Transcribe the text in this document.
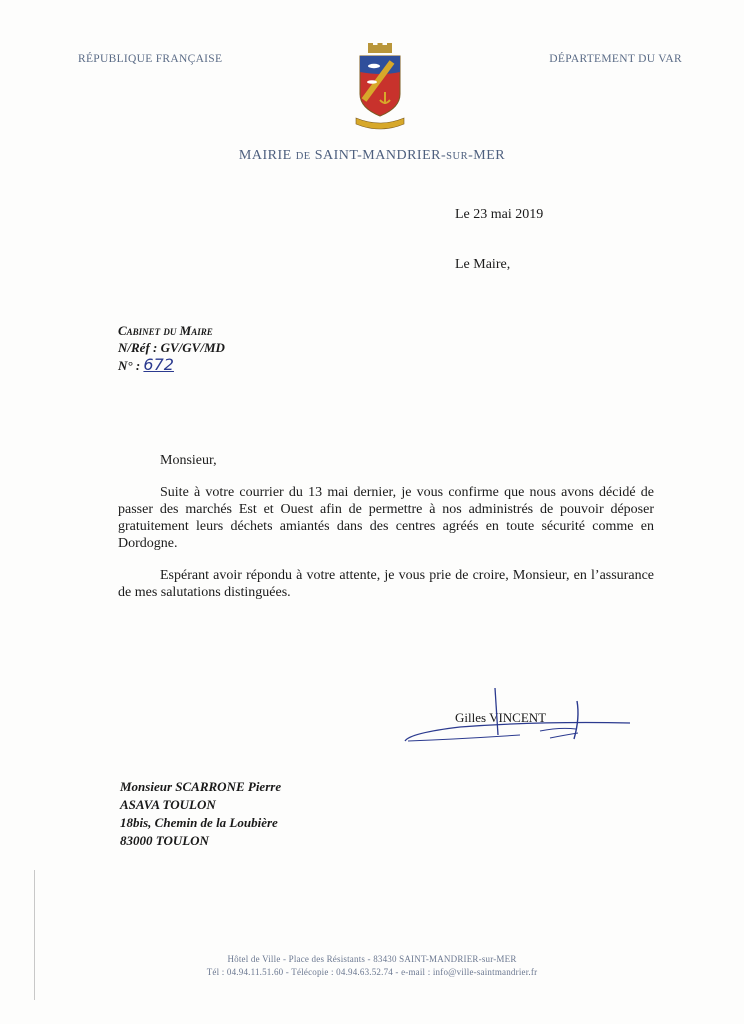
RÉPUBLIQUE FRANÇAISE	DÉPARTEMENT DU VAR
MAIRIE DE SAINT-MANDRIER-SUR-MER
Le 23 mai 2019
Le Maire,
Cabinet du Maire
N/Réf : GV/GV/MD
N° : 672
Monsieur,
Suite à votre courrier du 13 mai dernier, je vous confirme que nous avons décidé de passer des marchés Est et Ouest afin de permettre à nos administrés de pouvoir déposer gratuitement leurs déchets amiantés dans des centres agréés en toute sécurité comme en Dordogne.
Espérant avoir répondu à votre attente, je vous prie de croire, Monsieur, en l’assurance de mes salutations distinguées.
Gilles VINCENT
Monsieur SCARRONE Pierre
ASAVA TOULON
18bis, Chemin de la Loubière
83000 TOULON
Hôtel de Ville - Place des Résistants - 83430 SAINT-MANDRIER-sur-MER
Tél : 04.94.11.51.60 - Télécopie : 04.94.63.52.74 - e-mail : info@ville-saintmandrier.fr
